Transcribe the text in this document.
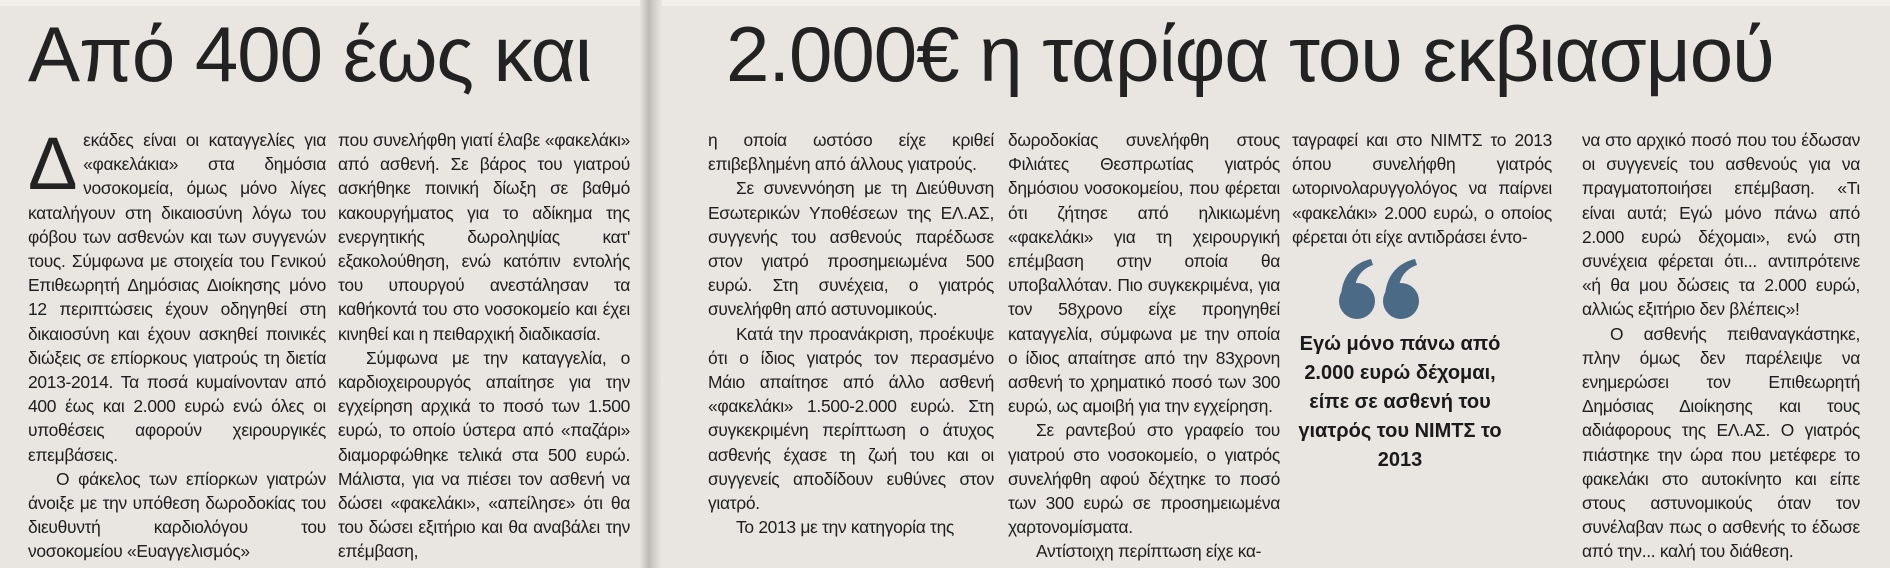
Από 400 έως και 2.000€ η ταρίφα του εκβιασμού
Δ εκάδες είναι οι καταγγελίες για «φακελάκια» στα δημόσια νοσοκομεία, όμως μόνο λίγες καταλήγουν στη δικαιοσύνη λόγω του φόβου των ασθενών και των συγγενών τους. Σύμφωνα με στοιχεία του Γενικού Επιθεωρητή Δημόσιας Διοίκησης μόνο 12 περιπτώσεις έχουν οδηγηθεί στη δικαιοσύνη και έχουν ασκηθεί ποινικές διώξεις σε επίορκους γιατρούς τη διετία 2013-2014. Τα ποσά κυμαίνονταν από 400 έως και 2.000 ευρώ ενώ όλες οι υποθέσεις αφορούν χειρουργικές επεμβάσεις.

Ο φάκελος των επίορκων γιατρών άνοιξε με την υπόθεση δωροδοκίας του διευθυντή καρδιολόγου του νοσοκομείου «Ευαγγελισμός»

που συνελήφθη γιατί έλαβε «φακελάκι» από ασθενή. Σε βάρος του γιατρού ασκήθηκε ποινική δίωξη σε βαθμό κακουργήματος για το αδίκημα της ενεργητικής δωροληψίας κατ' εξακολούθηση, ενώ κατόπιν εντολής του υπουργού ανεστάλησαν τα καθήκοντά του στο νοσοκομείο και έχει κινηθεί και η πειθαρχική διαδικασία.

Σύμφωνα με την καταγγελία, ο καρδιοχειρουργός απαίτησε για την εγχείρηση αρχικά το ποσό των 1.500 ευρώ, το οποίο ύστερα από «παζάρι» διαμορφώθηκε τελικά στα 500 ευρώ. Μάλιστα, για να πιέσει τον ασθενή να δώσει «φακελάκι», «απείλησε» ότι θα του δώσει εξιτήριο και θα αναβάλει την επέμβαση,

η οποία ωστόσο είχε κριθεί επιβεβλημένη από άλλους γιατρούς.

Σε συνεννόηση με τη Διεύθυνση Εσωτερικών Υποθέσεων της ΕΛ.ΑΣ, συγγενής του ασθενούς παρέδωσε στον γιατρό προσημειωμένα 500 ευρώ. Στη συνέχεια, ο γιατρός συνελήφθη από αστυνομικούς.

Κατά την προανάκριση, προέκυψε ότι ο ίδιος γιατρός τον περασμένο Μάιο απαίτησε από άλλο ασθενή «φακελάκι» 1.500-2.000 ευρώ. Στη συγκεκριμένη περίπτωση ο άτυχος ασθενής έχασε τη ζωή του και οι συγγενείς αποδίδουν ευθύνες στον γιατρό.

Το 2013 με την κατηγορία της

δωροδοκίας συνελήφθη στους Φιλιάτες Θεσπρωτίας γιατρός δημόσιου νοσοκομείου, που φέρεται ότι ζήτησε από ηλικιωμένη «φακελάκι» για τη χειρουργική επέμβαση στην οποία θα υποβαλλόταν. Πιο συγκεκριμένα, για τον 58χρονο είχε προηγηθεί καταγγελία, σύμφωνα με την οποία ο ίδιος απαίτησε από την 83χρονη ασθενή το χρηματικό ποσό των 300 ευρώ, ως αμοιβή για την εγχείρηση.

Σε ραντεβού στο γραφείο του γιατρού στο νοσοκομείο, ο γιατρός συνελήφθη αφού δέχτηκε το ποσό των 300 ευρώ σε προσημειωμένα χαρτονομίσματα.

Αντίστοιχη περίπτωση είχε κα-

ταγραφεί και στο ΝΙΜΤΣ το 2013 όπου συνελήφθη γιατρός ωτορινολαρυγγολόγος να παίρνει «φακελάκι» 2.000 ευρώ, ο οποίος φέρεται ότι είχε αντιδράσει έντο-

Εγώ μόνο πάνω από 2.000 ευρώ δέχομαι, είπε σε ασθενή του γιατρός του ΝΙΜΤΣ το 2013

να στο αρχικό ποσό που του έδωσαν οι συγγενείς του ασθενούς για να πραγματοποιήσει επέμβαση. «Τι είναι αυτά; Εγώ μόνο πάνω από 2.000 ευρώ δέχομαι», ενώ στη συνέχεια φέρεται ότι... αντιπρότεινε «ή θα μου δώσεις τα 2.000 ευρώ, αλλιώς εξιτήριο δεν βλέπεις»!

Ο ασθενής πειθαναγκάστηκε, πλην όμως δεν παρέλειψε να ενημερώσει τον Επιθεωρητή Δημόσιας Διοίκησης και τους αδιάφορους της ΕΛ.ΑΣ. Ο γιατρός πιάστηκε την ώρα που μετέφερε το φακελάκι στο αυτοκίνητο και είπε στους αστυνομικούς όταν τον συνέλαβαν πως ο ασθενής το έδωσε από την... καλή του διάθεση.
